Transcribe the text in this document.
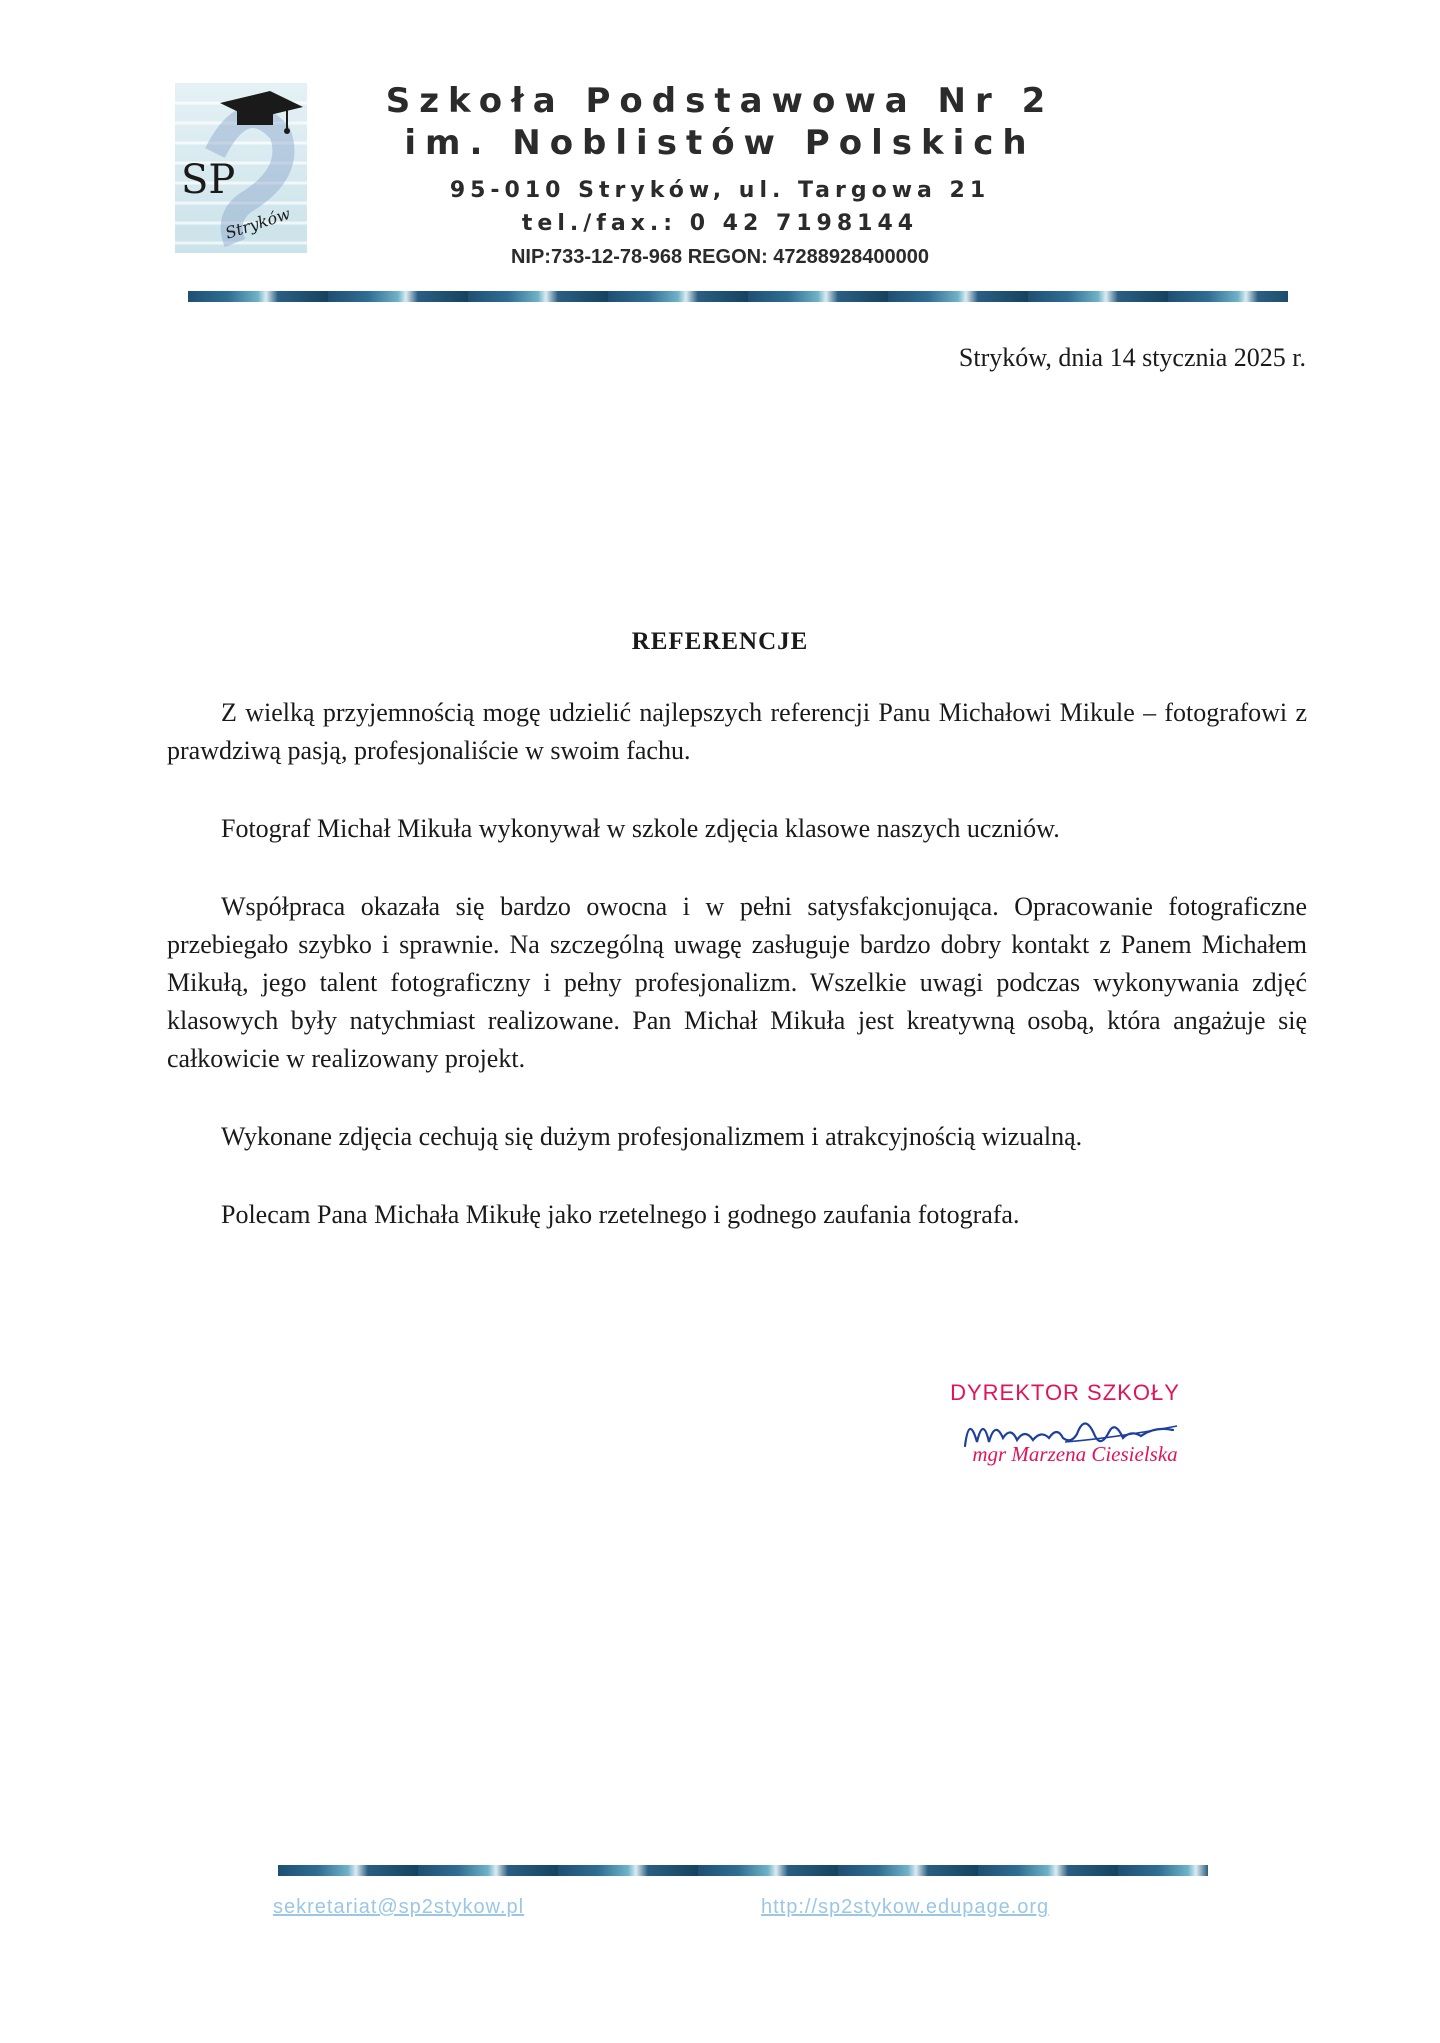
SP
Stryków
Szkoła Podstawowa Nr 2
im. Noblistów Polskich
95-010 Stryków, ul. Targowa 21
tel./fax.: 0 42 7198144
NIP:733-12-78-968 REGON: 47288928400000
Stryków, dnia 14 stycznia 2025 r.
REFERENCJE

Z wielką przyjemnością mogę udzielić najlepszych referencji Panu Michałowi Mikule – fotografowi z prawdziwą pasją, profesjonaliście w swoim fachu.

Fotograf Michał Mikuła wykonywał w szkole zdjęcia klasowe naszych uczniów.

Współpraca okazała się bardzo owocna i w pełni satysfakcjonująca. Opracowanie fotograficzne przebiegało szybko i sprawnie. Na szczególną uwagę zasługuje bardzo dobry kontakt z Panem Michałem Mikułą, jego talent fotograficzny i pełny profesjonalizm. Wszelkie uwagi podczas wykonywania zdjęć klasowych były natychmiast realizowane. Pan Michał Mikuła jest kreatywną osobą, która angażuje się całkowicie w realizowany projekt.

Wykonane zdjęcia cechują się dużym profesjonalizmem i atrakcyjnością wizualną.

Polecam Pana Michała Mikułę jako rzetelnego i godnego zaufania fotografa.

DYREKTOR SZKOŁY
mgr Marzena Ciesielska
sekretariat@sp2stykow.pl	http://sp2stykow.edupage.org
